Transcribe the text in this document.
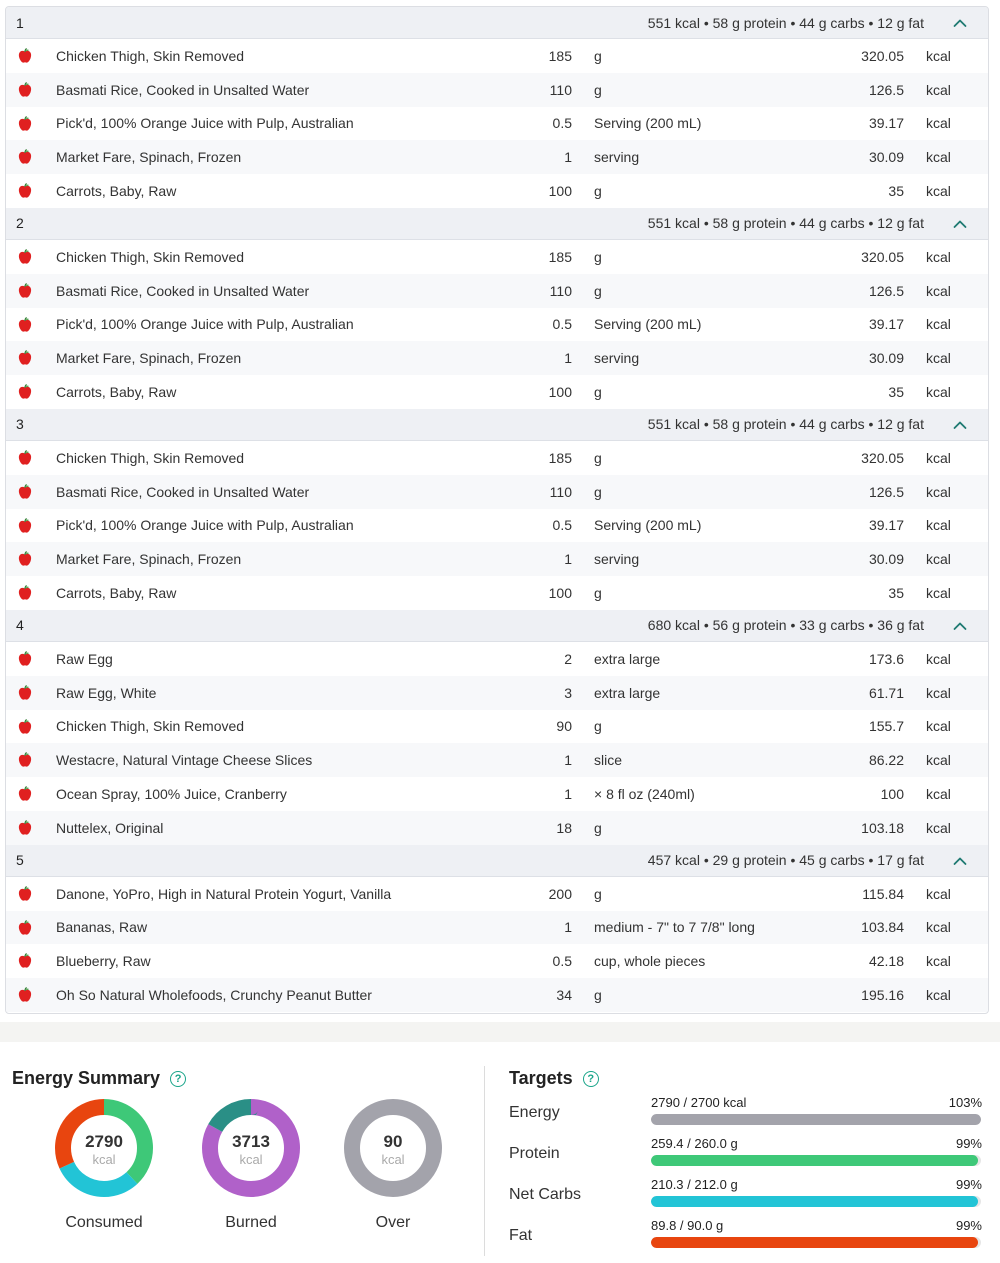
1	551 kcal • 58 g protein • 44 g carbs • 12 g fat
Chicken Thigh, Skin Removed	185 g	320.05 kcal
Basmati Rice, Cooked in Unsalted Water	110 g	126.5 kcal
Pick'd, 100% Orange Juice with Pulp, Australian	0.5 Serving (200 mL)	39.17 kcal
Market Fare, Spinach, Frozen	1 serving	30.09 kcal
Carrots, Baby, Raw	100 g	35 kcal
2	551 kcal • 58 g protein • 44 g carbs • 12 g fat
Chicken Thigh, Skin Removed	185 g	320.05 kcal
Basmati Rice, Cooked in Unsalted Water	110 g	126.5 kcal
Pick'd, 100% Orange Juice with Pulp, Australian	0.5 Serving (200 mL)	39.17 kcal
Market Fare, Spinach, Frozen	1 serving	30.09 kcal
Carrots, Baby, Raw	100 g	35 kcal
3	551 kcal • 58 g protein • 44 g carbs • 12 g fat
Chicken Thigh, Skin Removed	185 g	320.05 kcal
Basmati Rice, Cooked in Unsalted Water	110 g	126.5 kcal
Pick'd, 100% Orange Juice with Pulp, Australian	0.5 Serving (200 mL)	39.17 kcal
Market Fare, Spinach, Frozen	1 serving	30.09 kcal
Carrots, Baby, Raw	100 g	35 kcal
4	680 kcal • 56 g protein • 33 g carbs • 36 g fat
Raw Egg	2 extra large	173.6 kcal
Raw Egg, White	3 extra large	61.71 kcal
Chicken Thigh, Skin Removed	90 g	155.7 kcal
Westacre, Natural Vintage Cheese Slices	1 slice	86.22 kcal
Ocean Spray, 100% Juice, Cranberry	1 × 8 fl oz (240ml)	100 kcal
Nuttelex, Original	18 g	103.18 kcal
5	457 kcal • 29 g protein • 45 g carbs • 17 g fat
Danone, YoPro, High in Natural Protein Yogurt, Vanilla	200 g	115.84 kcal
Bananas, Raw	1 medium - 7" to 7 7/8" long	103.84 kcal
Blueberry, Raw	0.5 cup, whole pieces	42.18 kcal
Oh So Natural Wholefoods, Crunchy Peanut Butter	34 g	195.16 kcal
Energy Summary	?
2790
kcal
Consumed
3713
kcal
Burned
90
kcal
Over
Targets	?
Energy
2790 / 2700 kcal	103%
Protein
259.4 / 260.0 g	99%
Net Carbs
210.3 / 212.0 g	99%
Fat
89.8 / 90.0 g	99%
